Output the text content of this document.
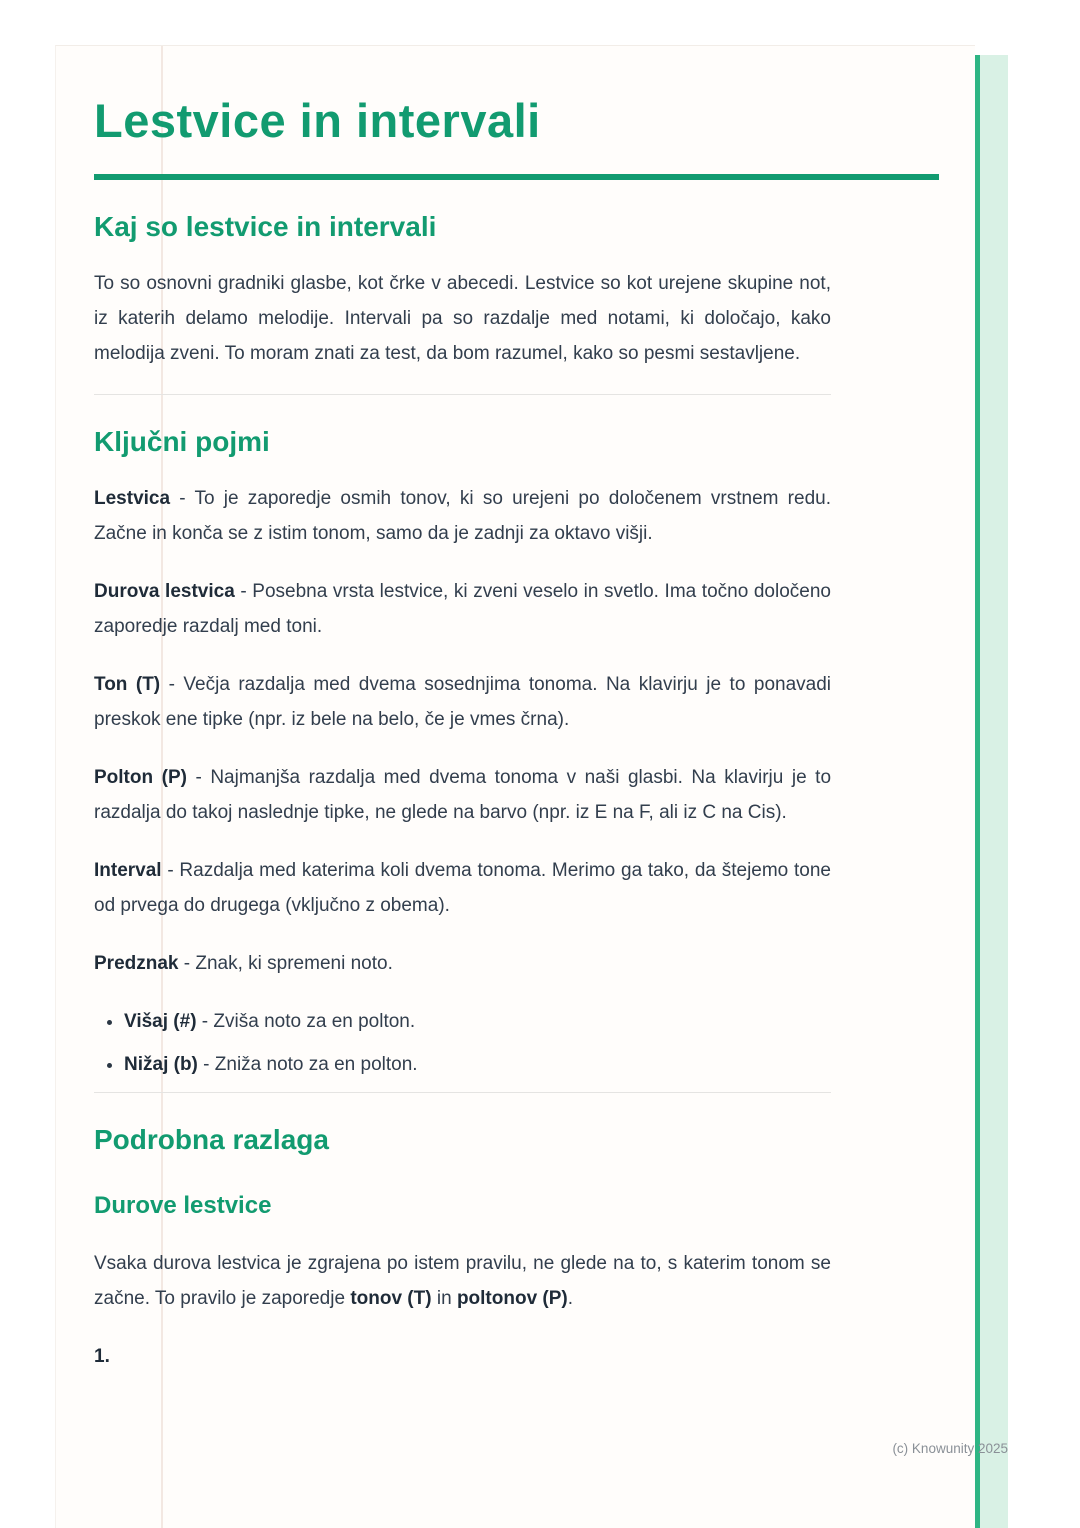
Lestvice in intervali
Kaj so lestvice in intervali

To so osnovni gradniki glasbe, kot črke v abecedi. Lestvice so kot urejene skupine not, iz katerih delamo melodije. Intervali pa so razdalje med notami, ki določajo, kako melodija zveni. To moram znati za test, da bom razumel, kako so pesmi sestavljene.

Ključni pojmi

Lestvica - To je zaporedje osmih tonov, ki so urejeni po določenem vrstnem redu. Začne in konča se z istim tonom, samo da je zadnji za oktavo višji.

Durova lestvica - Posebna vrsta lestvice, ki zveni veselo in svetlo. Ima točno določeno zaporedje razdalj med toni.

Ton (T) - Večja razdalja med dvema sosednjima tonoma. Na klavirju je to ponavadi preskok ene tipke (npr. iz bele na belo, če je vmes črna).

Polton (P) - Najmanjša razdalja med dvema tonoma v naši glasbi. Na klavirju je to razdalja do takoj naslednje tipke, ne glede na barvo (npr. iz E na F, ali iz C na Cis).

Interval - Razdalja med katerima koli dvema tonoma. Merimo ga tako, da štejemo tone od prvega do drugega (vključno z obema).

Predznak - Znak, ki spremeni noto.

• Višaj (#) - Zviša noto za en polton.
• Nižaj (b) - Zniža noto za en polton.
Podrobna razlaga
Durove lestvice

Vsaka durova lestvica je zgrajena po istem pravilu, ne glede na to, s katerim tonom se začne. To pravilo je zaporedje tonov (T) in poltonov (P).

1.

(c) Knowunity 2025
